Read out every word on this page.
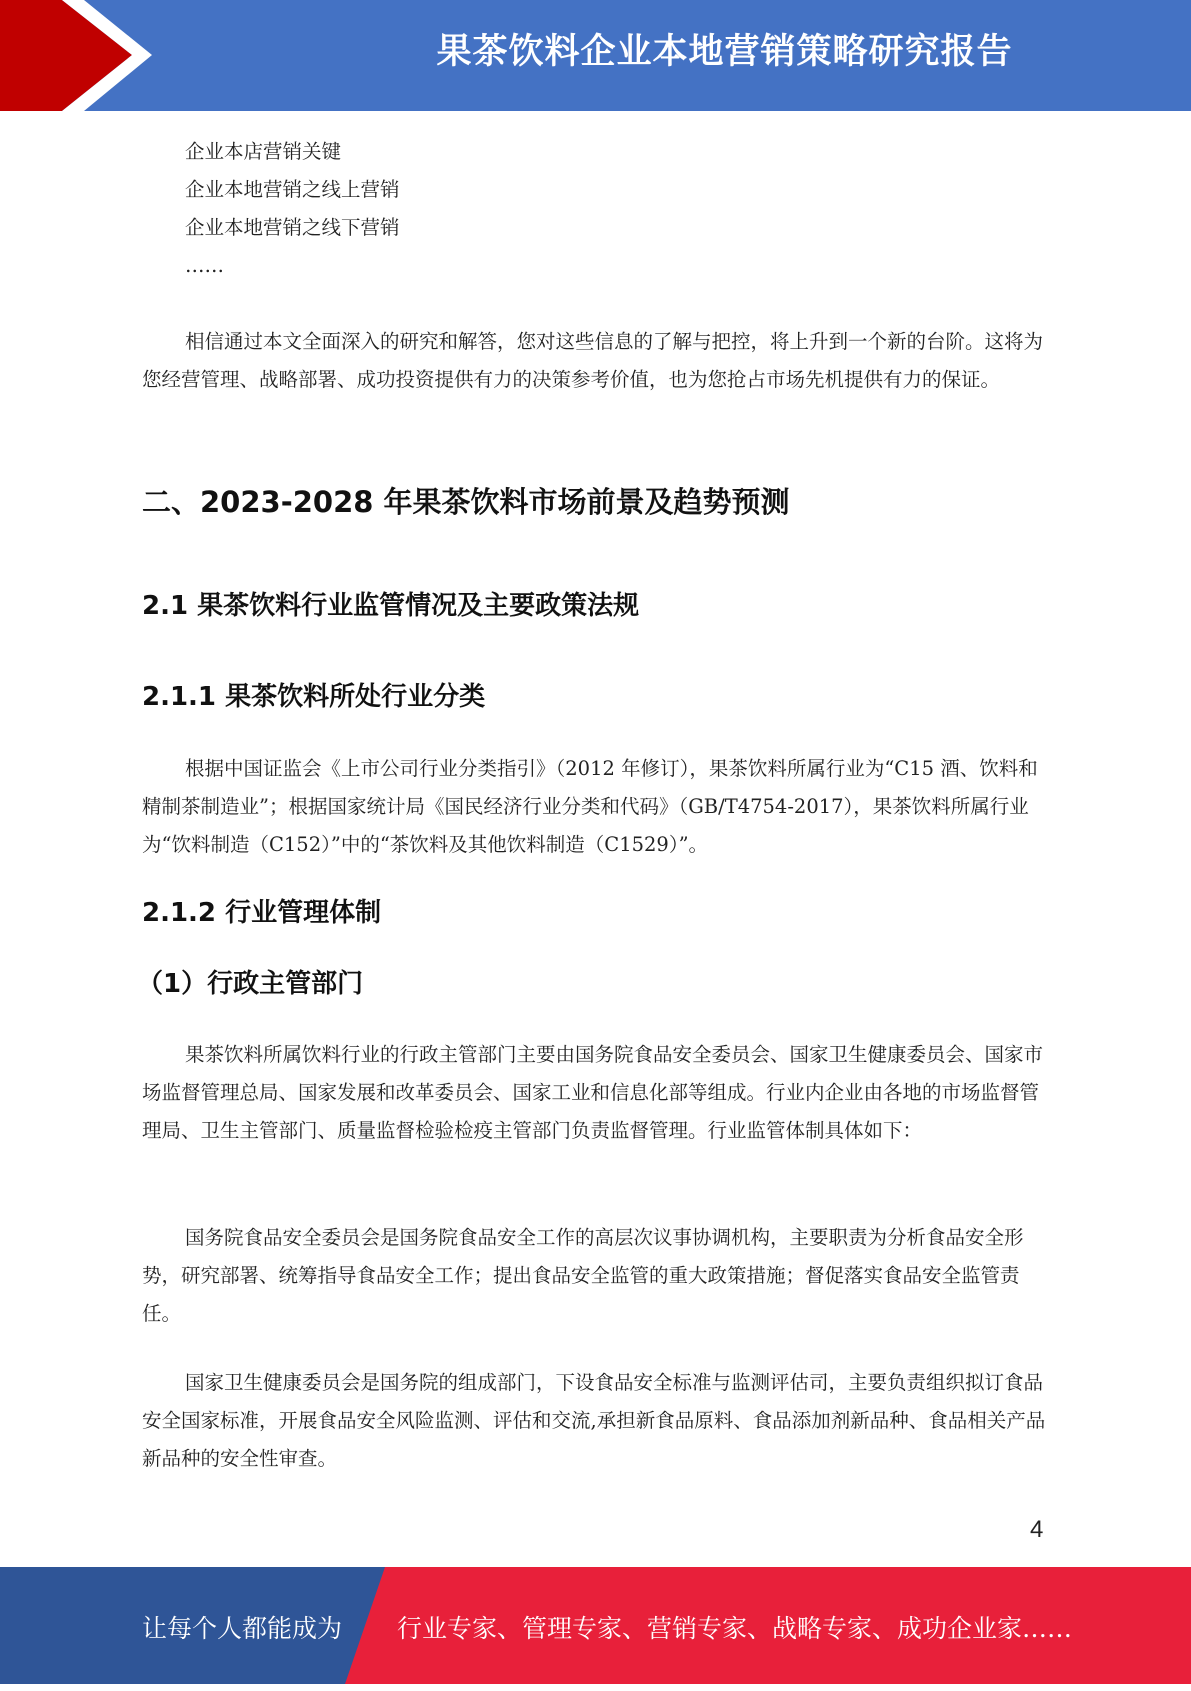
果茶饮料企业本地营销策略研究报告
企业本店营销关键
企业本地营销之线上营销
企业本地营销之线下营销
……
相信通过本文全面深入的研究和解答，您对这些信息的了解与把控，将上升到一个新的台阶。这将为您经营管理、战略部署、成功投资提供有力的决策参考价值，也为您抢占市场先机提供有力的保证。
二、2023-2028 年果茶饮料市场前景及趋势预测
2.1 果茶饮料行业监管情况及主要政策法规
2.1.1 果茶饮料所处行业分类
根据中国证监会《上市公司行业分类指引》（2012 年修订），果茶饮料所属行业为“C15 酒、饮料和精制茶制造业”；根据国家统计局《国民经济行业分类和代码》（GB/T4754-2017），果茶饮料所属行业为“饮料制造（C152）”中的“茶饮料及其他饮料制造（C1529）”。
2.1.2 行业管理体制
（1）行政主管部门
果茶饮料所属饮料行业的行政主管部门主要由国务院食品安全委员会、国家卫生健康委员会、国家市场监督管理总局、国家发展和改革委员会、国家工业和信息化部等组成。行业内企业由各地的市场监督管理局、卫生主管部门、质量监督检验检疫主管部门负责监督管理。行业监管体制具体如下：
国务院食品安全委员会是国务院食品安全工作的高层次议事协调机构，主要职责为分析食品安全形势，研究部署、统筹指导食品安全工作；提出食品安全监管的重大政策措施；督促落实食品安全监管责任。
国家卫生健康委员会是国务院的组成部门，下设食品安全标准与监测评估司，主要负责组织拟订食品安全国家标准，开展食品安全风险监测、评估和交流,承担新食品原料、食品添加剂新品种、食品相关产品新品种的安全性审查。
4
让每个人都能成为 行业专家、管理专家、营销专家、战略专家、成功企业家……
